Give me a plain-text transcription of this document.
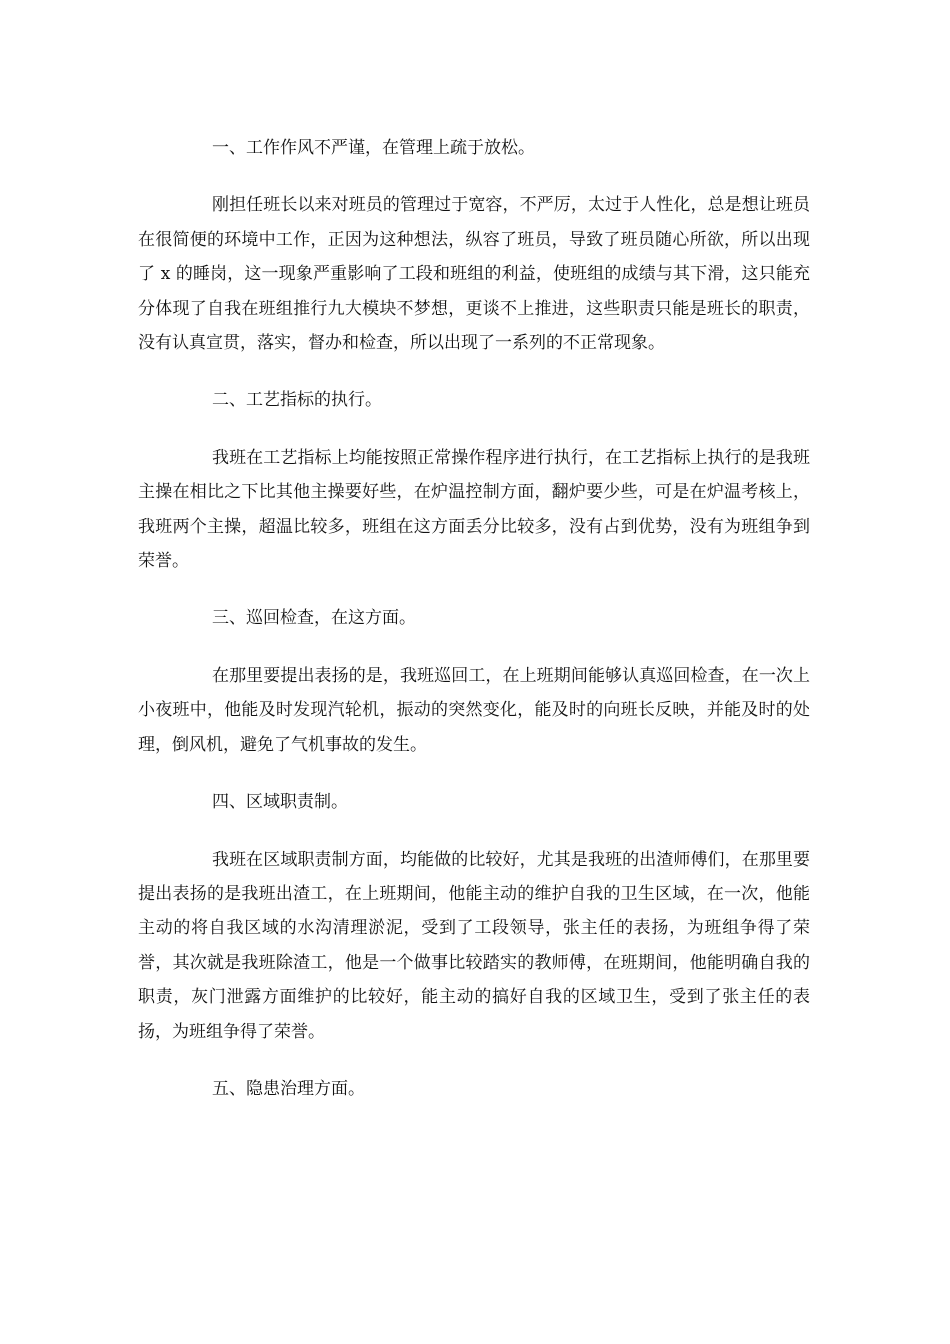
一、工作作风不严谨，在管理上疏于放松。

刚担任班长以来对班员的管理过于宽容，不严厉，太过于人性化，总是想让班员在很简便的环境中工作，正因为这种想法，纵容了班员，导致了班员随心所欲，所以出现了 x 的睡岗，这一现象严重影响了工段和班组的利益，使班组的成绩与其下滑，这只能充分体现了自我在班组推行九大模块不梦想，更谈不上推进，这些职责只能是班长的职责，没有认真宣贯，落实，督办和检查，所以出现了一系列的不正常现象。

二、工艺指标的执行。

我班在工艺指标上均能按照正常操作程序进行执行，在工艺指标上执行的是我班主操在相比之下比其他主操要好些，在炉温控制方面，翻炉要少些，可是在炉温考核上，我班两个主操，超温比较多，班组在这方面丢分比较多，没有占到优势，没有为班组争到荣誉。

三、巡回检查，在这方面。

在那里要提出表扬的是，我班巡回工，在上班期间能够认真巡回检查，在一次上小夜班中，他能及时发现汽轮机，振动的突然变化，能及时的向班长反映，并能及时的处理，倒风机，避免了气机事故的发生。

四、区域职责制。

我班在区域职责制方面，均能做的比较好，尤其是我班的出渣师傅们，在那里要提出表扬的是我班出渣工，在上班期间，他能主动的维护自我的卫生区域，在一次，他能主动的将自我区域的水沟清理淤泥，受到了工段领导，张主任的表扬，为班组争得了荣誉，其次就是我班除渣工，他是一个做事比较踏实的教师傅，在班期间，他能明确自我的职责，灰门泄露方面维护的比较好，能主动的搞好自我的区域卫生，受到了张主任的表扬，为班组争得了荣誉。

五、隐患治理方面。
